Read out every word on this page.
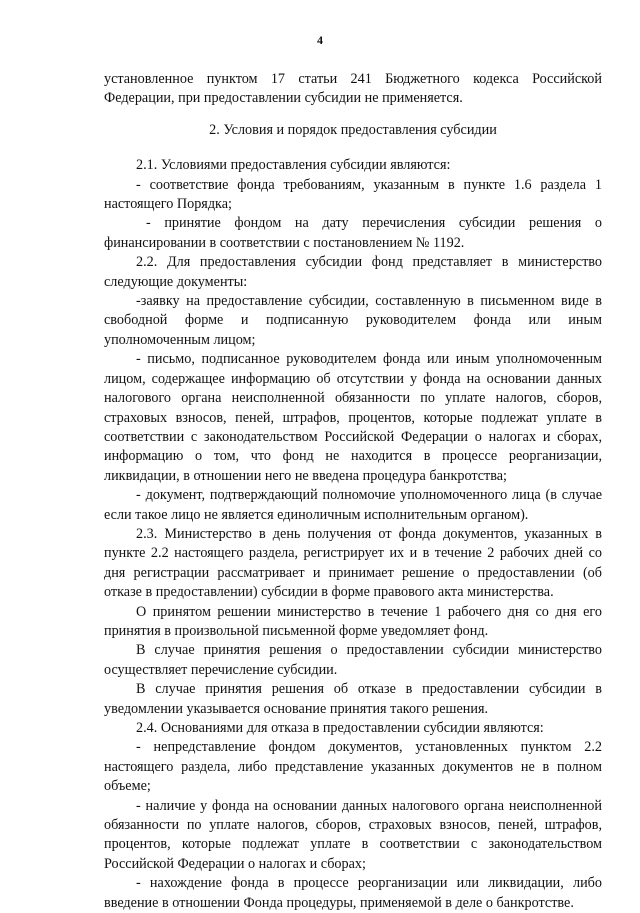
4

установленное пунктом 17 статьи 241 Бюджетного кодекса Российской Федерации, при предоставлении субсидии не применяется.

2. Условия и порядок предоставления субсидии

2.1. Условиями предоставления субсидии являются:

- соответствие фонда требованиям, указанным в пункте 1.6 раздела 1 настоящего Порядка;

- принятие фондом на дату перечисления субсидии решения о финансировании в соответствии с постановлением № 1192.

2.2. Для предоставления субсидии фонд представляет в министерство следующие документы:

-заявку на предоставление субсидии, составленную в письменном виде в свободной форме и подписанную руководителем фонда или иным уполномоченным лицом;

- письмо, подписанное руководителем фонда или иным уполномоченным лицом, содержащее информацию об отсутствии у фонда на основании данных налогового органа неисполненной обязанности по уплате налогов, сборов, страховых взносов, пеней, штрафов, процентов, которые подлежат уплате в соответствии с законодательством Российской Федерации о налогах и сборах, информацию о том, что фонд не находится в процессе реорганизации, ликвидации, в отношении него не введена процедура банкротства;

- документ, подтверждающий полномочие уполномоченного лица (в случае если такое лицо не является единоличным исполнительным органом).

2.3. Министерство в день получения от фонда документов, указанных в пункте 2.2 настоящего раздела, регистрирует их и в течение 2 рабочих дней со дня регистрации рассматривает и принимает решение о предоставлении (об отказе в предоставлении) субсидии в форме правового акта министерства.

О принятом решении министерство в течение 1 рабочего дня со дня его принятия в произвольной письменной форме уведомляет фонд.

В случае принятия решения о предоставлении субсидии министерство осуществляет перечисление субсидии.

В случае принятия решения об отказе в предоставлении субсидии в уведомлении указывается основание принятия такого решения.

2.4. Основаниями для отказа в предоставлении субсидии являются:

- непредставление фондом документов, установленных пунктом 2.2 настоящего раздела, либо представление указанных документов не в полном объеме;

- наличие у фонда на основании данных налогового органа неисполненной обязанности по уплате налогов, сборов, страховых взносов, пеней, штрафов, процентов, которые подлежат уплате в соответствии с законодательством Российской Федерации о налогах и сборах;

- нахождение фонда в процессе реорганизации или ликвидации, либо введение в отношении Фонда процедуры, применяемой в деле о банкротстве.
